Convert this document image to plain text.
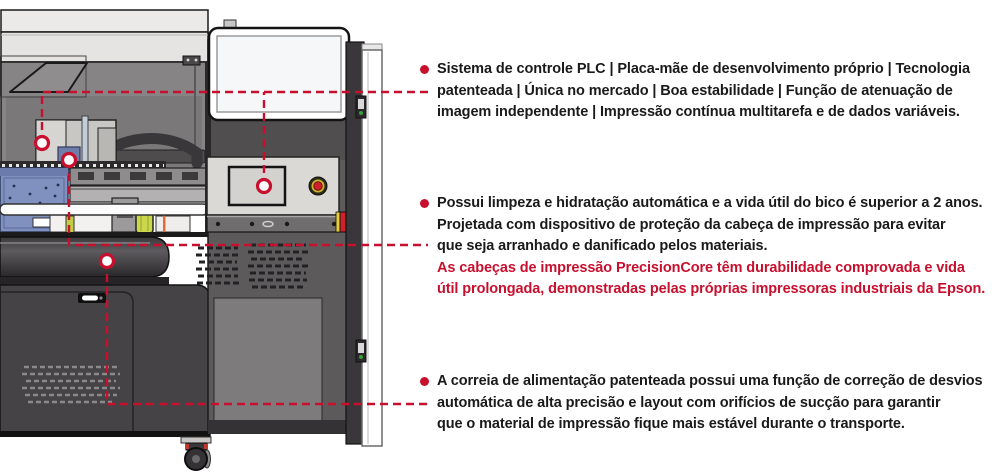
Sistema de controle PLC | Placa-mãe de desenvolvimento próprio | Tecnologia
patenteada | Única no mercado | Boa estabilidade | Função de atenuação de
imagem independente | Impressão contínua multitarefa e de dados variáveis.
Possui limpeza e hidratação automática e a vida útil do bico é superior a 2 anos.
Projetada com dispositivo de proteção da cabeça de impressão para evitar
que seja arranhado e danificado pelos materiais.
As cabeças de impressão PrecisionCore têm durabilidade comprovada e vida
útil prolongada, demonstradas pelas próprias impressoras industriais da Epson.
A correia de alimentação patenteada possui uma função de correção de desvios
automática de alta precisão e layout com orifícios de sucção para garantir
que o material de impressão fique mais estável durante o transporte.
